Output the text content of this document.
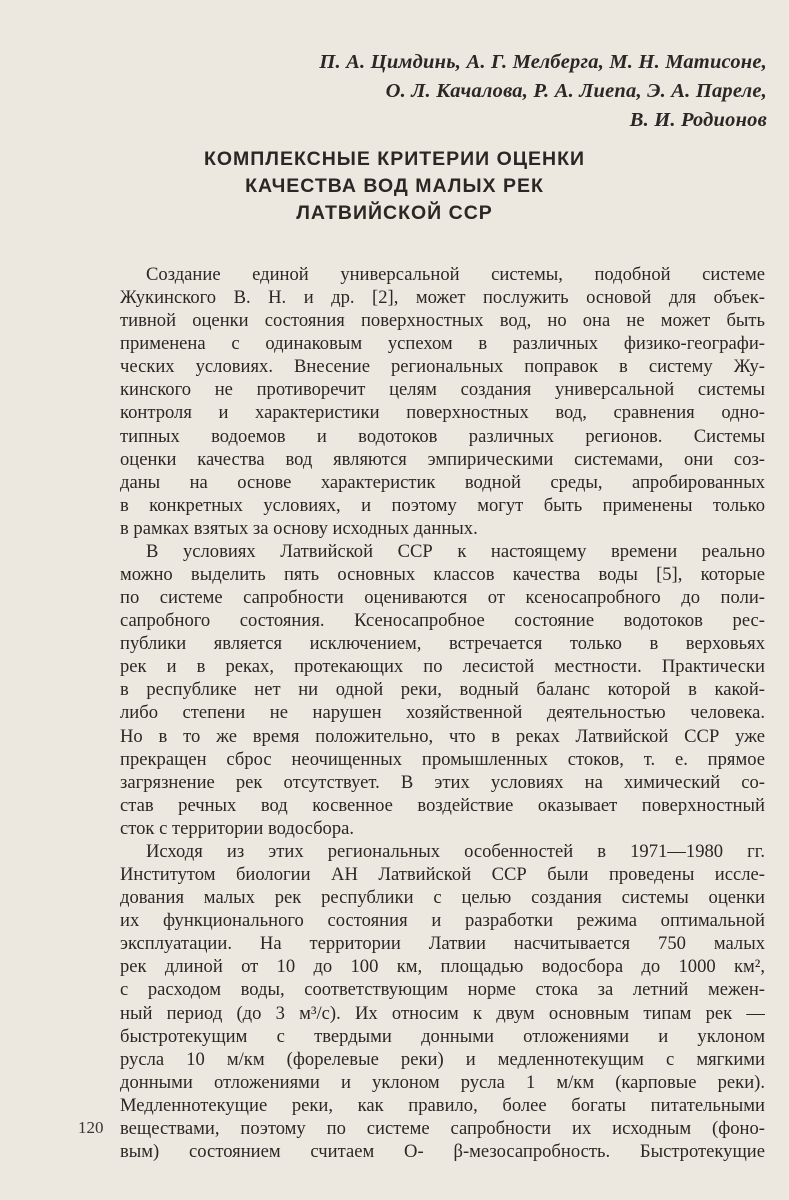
П. А. Цимдинь, А. Г. Мелберга, М. Н. Матисоне,
О. Л. Качалова, Р. А. Лиепа, Э. А. Пареле,
В. И. Родионов
КОМПЛЕКСНЫЕ КРИТЕРИИ ОЦЕНКИ
КАЧЕСТВА ВОД МАЛЫХ РЕК
ЛАТВИЙСКОЙ ССР
Создание единой универсальной системы, подобной системе
Жукинского В. Н. и др. [2], может послужить основой для объек-
тивной оценки состояния поверхностных вод, но она не может быть
применена с одинаковым успехом в различных физико-географи-
ческих условиях. Внесение региональных поправок в систему Жу-
кинского не противоречит целям создания универсальной системы
контроля и характеристики поверхностных вод, сравнения одно-
типных водоемов и водотоков различных регионов. Системы
оценки качества вод являются эмпирическими системами, они соз-
даны на основе характеристик водной среды, апробированных
в конкретных условиях, и поэтому могут быть применены только
в рамках взятых за основу исходных данных.
В условиях Латвийской ССР к настоящему времени реально
можно выделить пять основных классов качества воды [5], которые
по системе сапробности оцениваются от ксеносапробного до поли-
сапробного состояния. Ксеносапробное состояние водотоков рес-
публики является исключением, встречается только в верховьях
рек и в реках, протекающих по лесистой местности. Практически
в республике нет ни одной реки, водный баланс которой в какой-
либо степени не нарушен хозяйственной деятельностью человека.
Но в то же время положительно, что в реках Латвийской ССР уже
прекращен сброс неочищенных промышленных стоков, т. е. прямое
загрязнение рек отсутствует. В этих условиях на химический со-
став речных вод косвенное воздействие оказывает поверхностный
сток с территории водосбора.
Исходя из этих региональных особенностей в 1971—1980 гг.
Институтом биологии АН Латвийской ССР были проведены иссле-
дования малых рек республики с целью создания системы оценки
их функционального состояния и разработки режима оптимальной
эксплуатации. На территории Латвии насчитывается 750 малых
рек длиной от 10 до 100 км, площадью водосбора до 1000 км²,
с расходом воды, соответствующим норме стока за летний межен-
ный период (до 3 м³/с). Их относим к двум основным типам рек —
быстротекущим с твердыми донными отложениями и уклоном
русла 10 м/км (форелевые реки) и медленнотекущим с мягкими
донными отложениями и уклоном русла 1 м/км (карповые реки).
Медленнотекущие реки, как правило, более богаты питательными
веществами, поэтому по системе сапробности их исходным (фоно-
вым) состоянием считаем О- β-мезосапробность. Быстротекущие
120
